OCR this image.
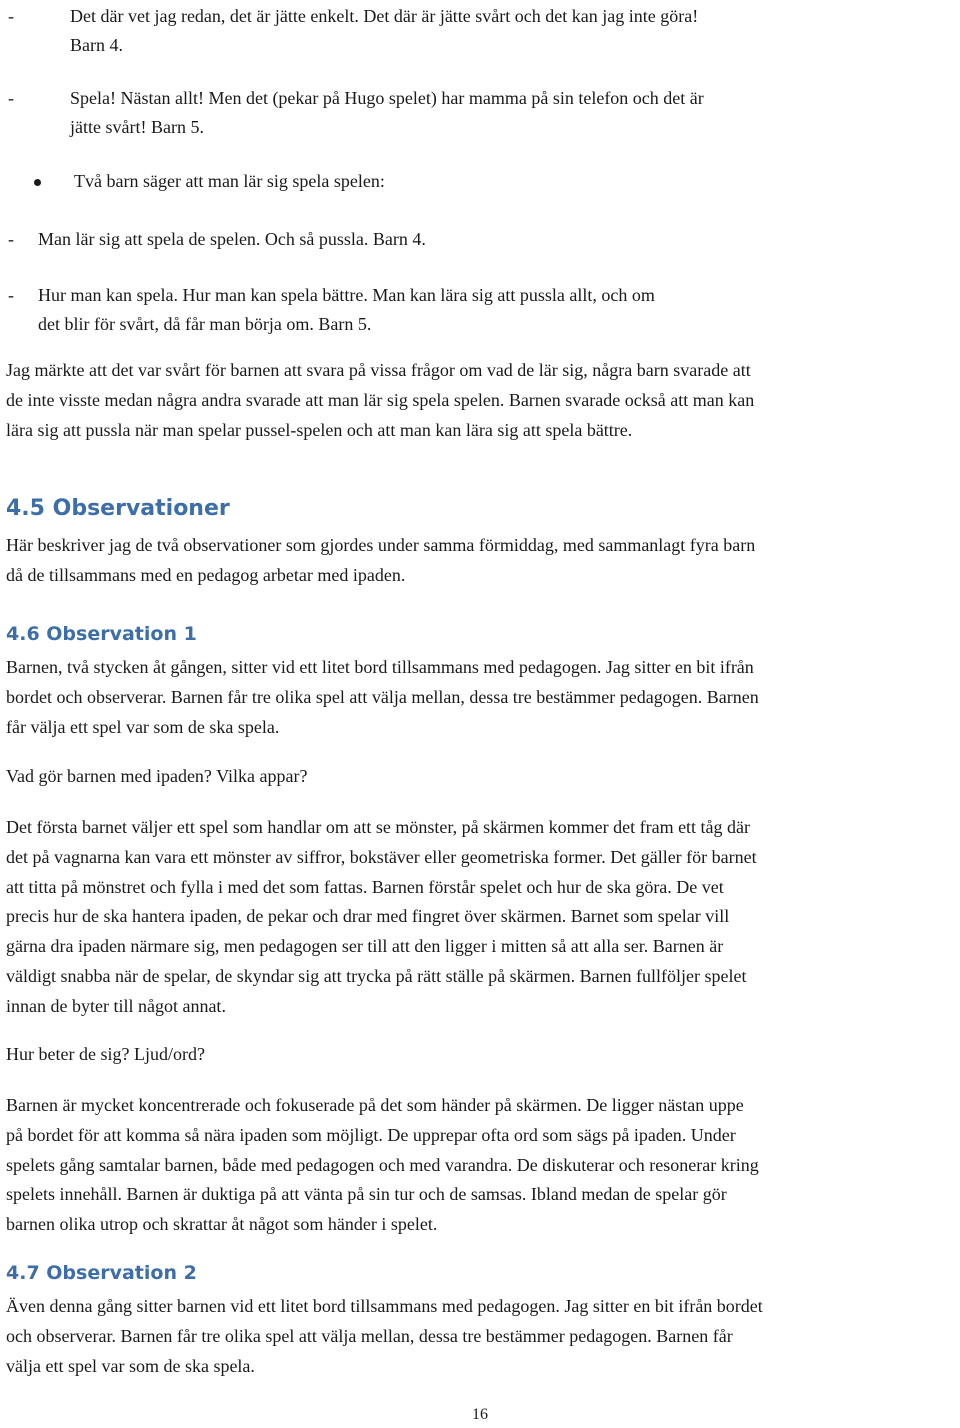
-	Det där vet jag redan, det är jätte enkelt. Det där är jätte svårt och det kan jag inte göra!
Barn 4.
-	Spela! Nästan allt! Men det (pekar på Hugo spelet) har mamma på sin telefon och det är
jätte svårt! Barn 5.
Två barn säger att man lär sig spela spelen:
-	Man lär sig att spela de spelen. Och så pussla. Barn 4.
-	Hur man kan spela. Hur man kan spela bättre. Man kan lära sig att pussla allt, och om
det blir för svårt, då får man börja om. Barn 5.
Jag märkte att det var svårt för barnen att svara på vissa frågor om vad de lär sig, några barn svarade att
de inte visste medan några andra svarade att man lär sig spela spelen. Barnen svarade också att man kan
lära sig att pussla när man spelar pussel-spelen och att man kan lära sig att spela bättre.
4.5 Observationer
Här beskriver jag de två observationer som gjordes under samma förmiddag, med sammanlagt fyra barn
då de tillsammans med en pedagog arbetar med ipaden.
4.6 Observation 1
Barnen, två stycken åt gången, sitter vid ett litet bord tillsammans med pedagogen. Jag sitter en bit ifrån
bordet och observerar. Barnen får tre olika spel att välja mellan, dessa tre bestämmer pedagogen. Barnen
får välja ett spel var som de ska spela.
Vad gör barnen med ipaden? Vilka appar?
Det första barnet väljer ett spel som handlar om att se mönster, på skärmen kommer det fram ett tåg där
det på vagnarna kan vara ett mönster av siffror, bokstäver eller geometriska former. Det gäller för barnet
att titta på mönstret och fylla i med det som fattas. Barnen förstår spelet och hur de ska göra. De vet
precis hur de ska hantera ipaden, de pekar och drar med fingret över skärmen. Barnet som spelar vill
gärna dra ipaden närmare sig, men pedagogen ser till att den ligger i mitten så att alla ser. Barnen är
väldigt snabba när de spelar, de skyndar sig att trycka på rätt ställe på skärmen. Barnen fullföljer spelet
innan de byter till något annat.
Hur beter de sig? Ljud/ord?
Barnen är mycket koncentrerade och fokuserade på det som händer på skärmen. De ligger nästan uppe
på bordet för att komma så nära ipaden som möjligt. De upprepar ofta ord som sägs på ipaden. Under
spelets gång samtalar barnen, både med pedagogen och med varandra. De diskuterar och resonerar kring
spelets innehåll. Barnen är duktiga på att vänta på sin tur och de samsas. Ibland medan de spelar gör
barnen olika utrop och skrattar åt något som händer i spelet.
4.7 Observation 2
Även denna gång sitter barnen vid ett litet bord tillsammans med pedagogen. Jag sitter en bit ifrån bordet
och observerar. Barnen får tre olika spel att välja mellan, dessa tre bestämmer pedagogen. Barnen får
välja ett spel var som de ska spela.
16
